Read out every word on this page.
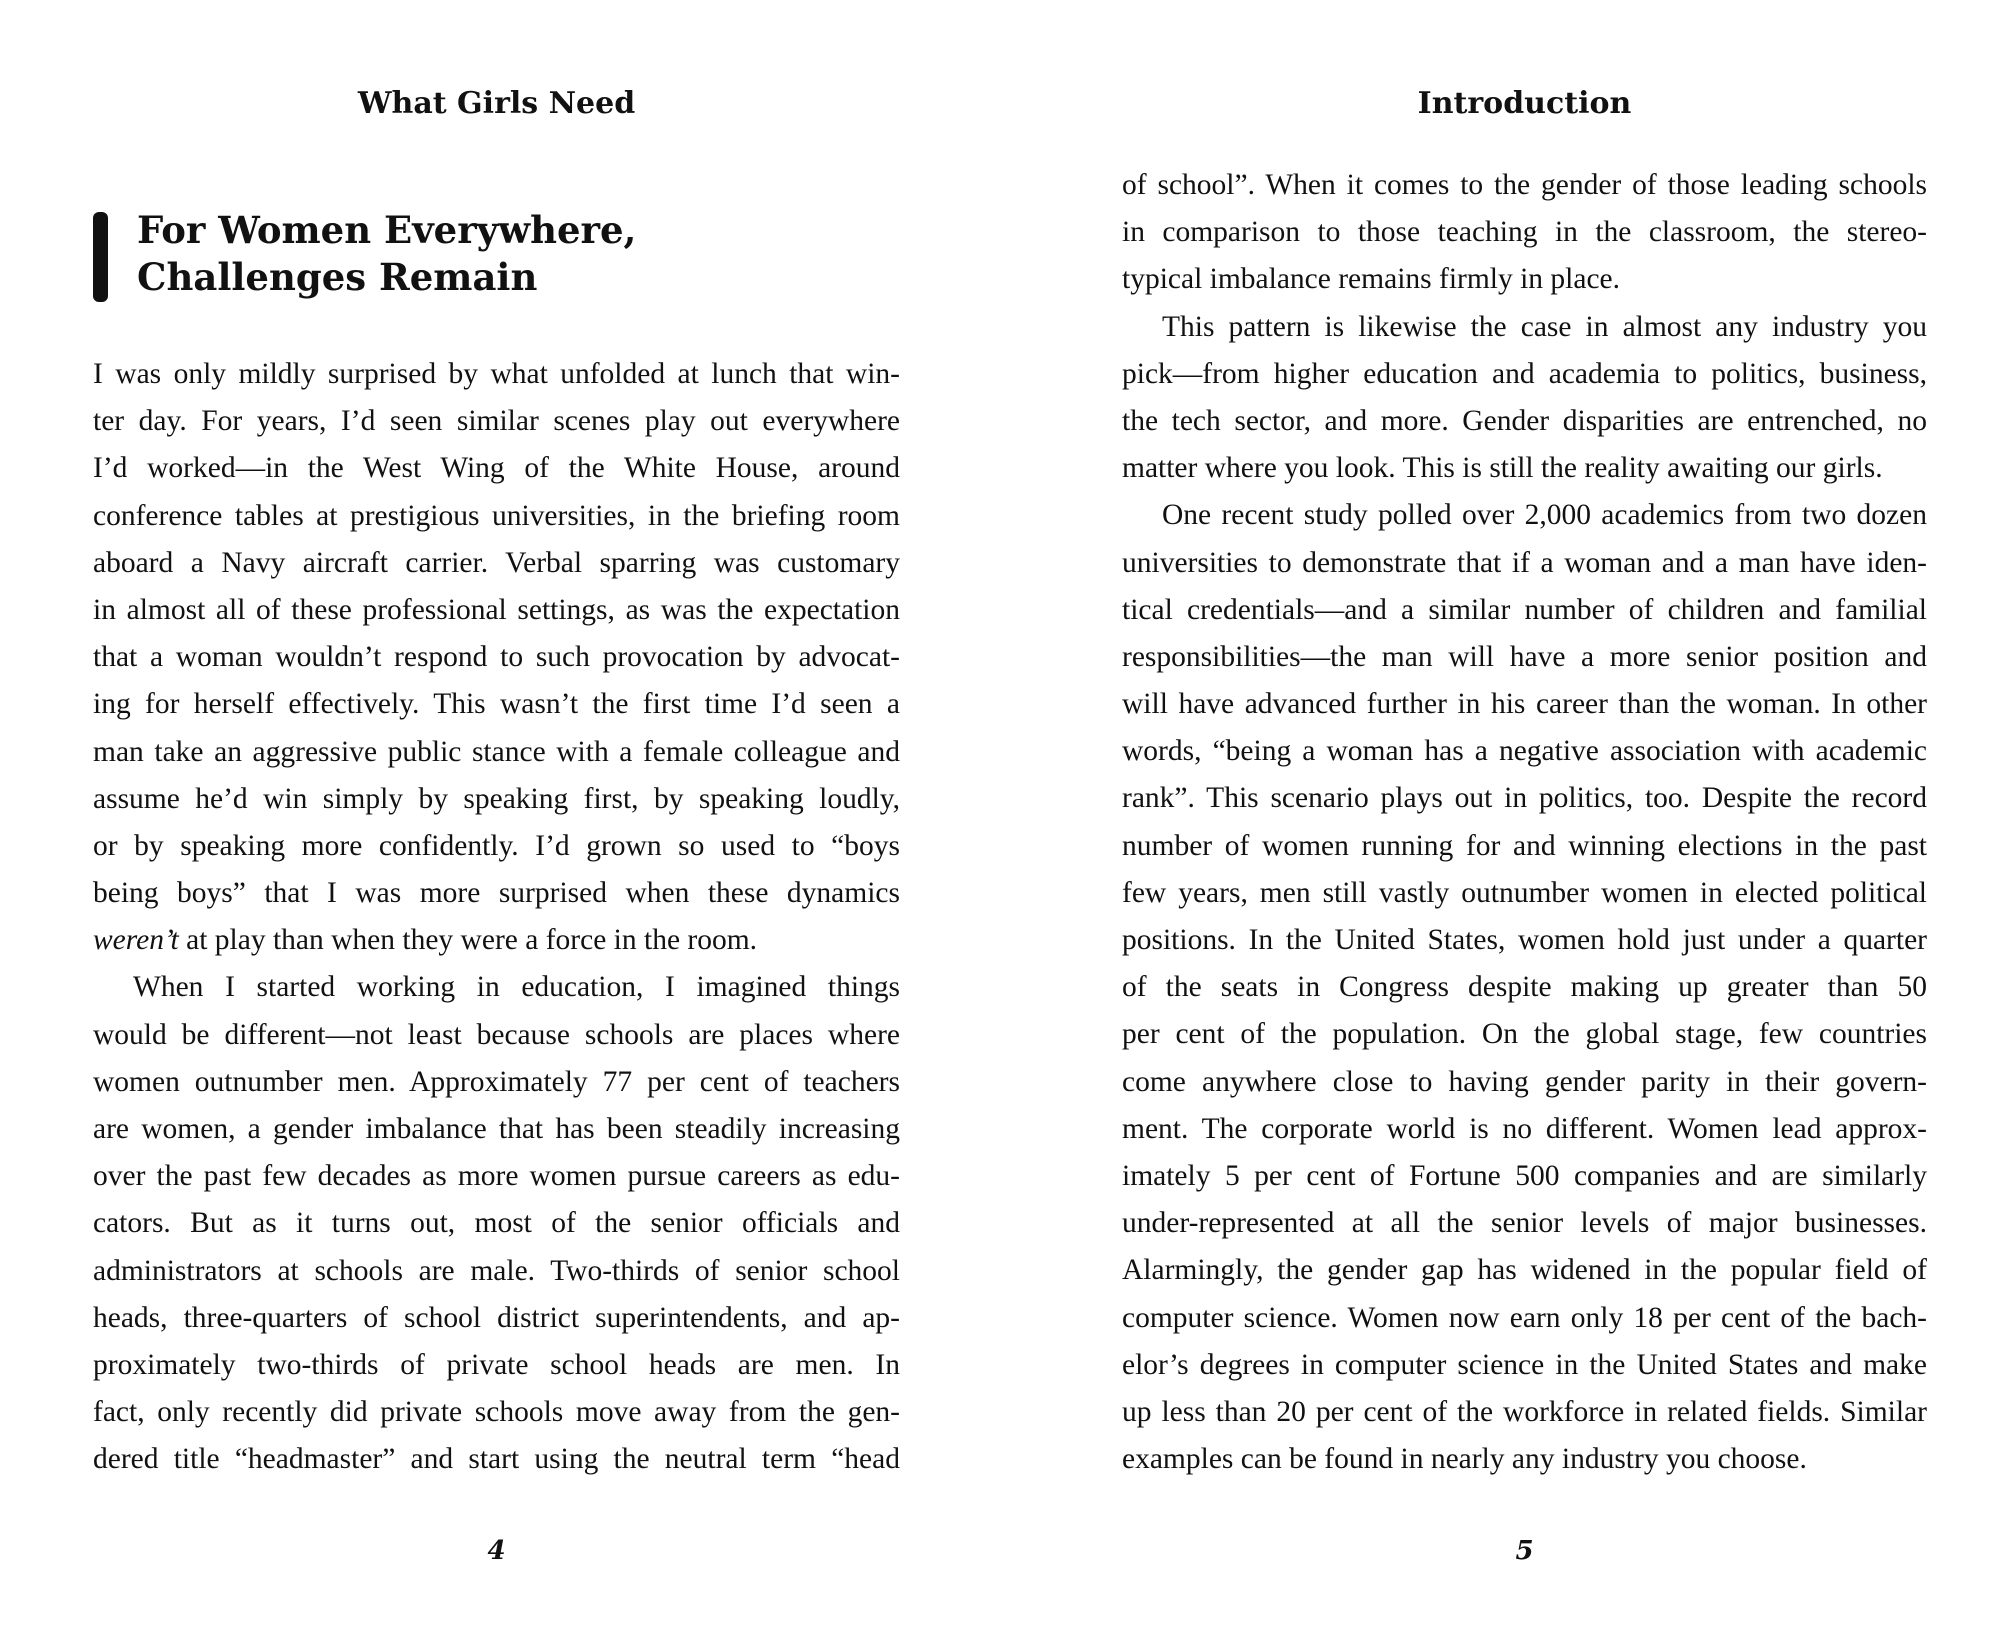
What Girls Need
For Women Everywhere,
Challenges Remain
I was only mildly surprised by what unfolded at lunch that win-
ter day. For years, I’d seen similar scenes play out everywhere
I’d worked—in the West Wing of the White House, around
conference tables at prestigious universities, in the briefing room
aboard a Navy aircraft carrier. Verbal sparring was customary
in almost all of these professional settings, as was the expectation
that a woman wouldn’t respond to such provocation by advocat-
ing for herself effectively. This wasn’t the first time I’d seen a
man take an aggressive public stance with a female colleague and
assume he’d win simply by speaking first, by speaking loudly,
or by speaking more confidently. I’d grown so used to “boys
being boys” that I was more surprised when these dynamics
weren’t at play than when they were a force in the room.
When I started working in education, I imagined things
would be different—not least because schools are places where
women outnumber men. Approximately 77 per cent of teachers
are women, a gender imbalance that has been steadily increasing
over the past few decades as more women pursue careers as edu-
cators. But as it turns out, most of the senior officials and
administrators at schools are male. Two-thirds of senior school
heads, three-quarters of school district superintendents, and ap-
proximately two-thirds of private school heads are men. In
fact, only recently did private schools move away from the gen-
dered title “headmaster” and start using the neutral term “head
4
Introduction
of school”. When it comes to the gender of those leading schools
in comparison to those teaching in the classroom, the stereo-
typical imbalance remains firmly in place.
This pattern is likewise the case in almost any industry you
pick—from higher education and academia to politics, business,
the tech sector, and more. Gender disparities are entrenched, no
matter where you look. This is still the reality awaiting our girls.
One recent study polled over 2,000 academics from two dozen
universities to demonstrate that if a woman and a man have iden-
tical credentials—and a similar number of children and familial
responsibilities—the man will have a more senior position and
will have advanced further in his career than the woman. In other
words, “being a woman has a negative association with academic
rank”. This scenario plays out in politics, too. Despite the record
number of women running for and winning elections in the past
few years, men still vastly outnumber women in elected political
positions. In the United States, women hold just under a quarter
of the seats in Congress despite making up greater than 50
per cent of the population. On the global stage, few countries
come anywhere close to having gender parity in their govern-
ment. The corporate world is no different. Women lead approx-
imately 5 per cent of Fortune 500 companies and are similarly
under-represented at all the senior levels of major businesses.
Alarmingly, the gender gap has widened in the popular field of
computer science. Women now earn only 18 per cent of the bach-
elor’s degrees in computer science in the United States and make
up less than 20 per cent of the workforce in related fields. Similar
examples can be found in nearly any industry you choose.
5
